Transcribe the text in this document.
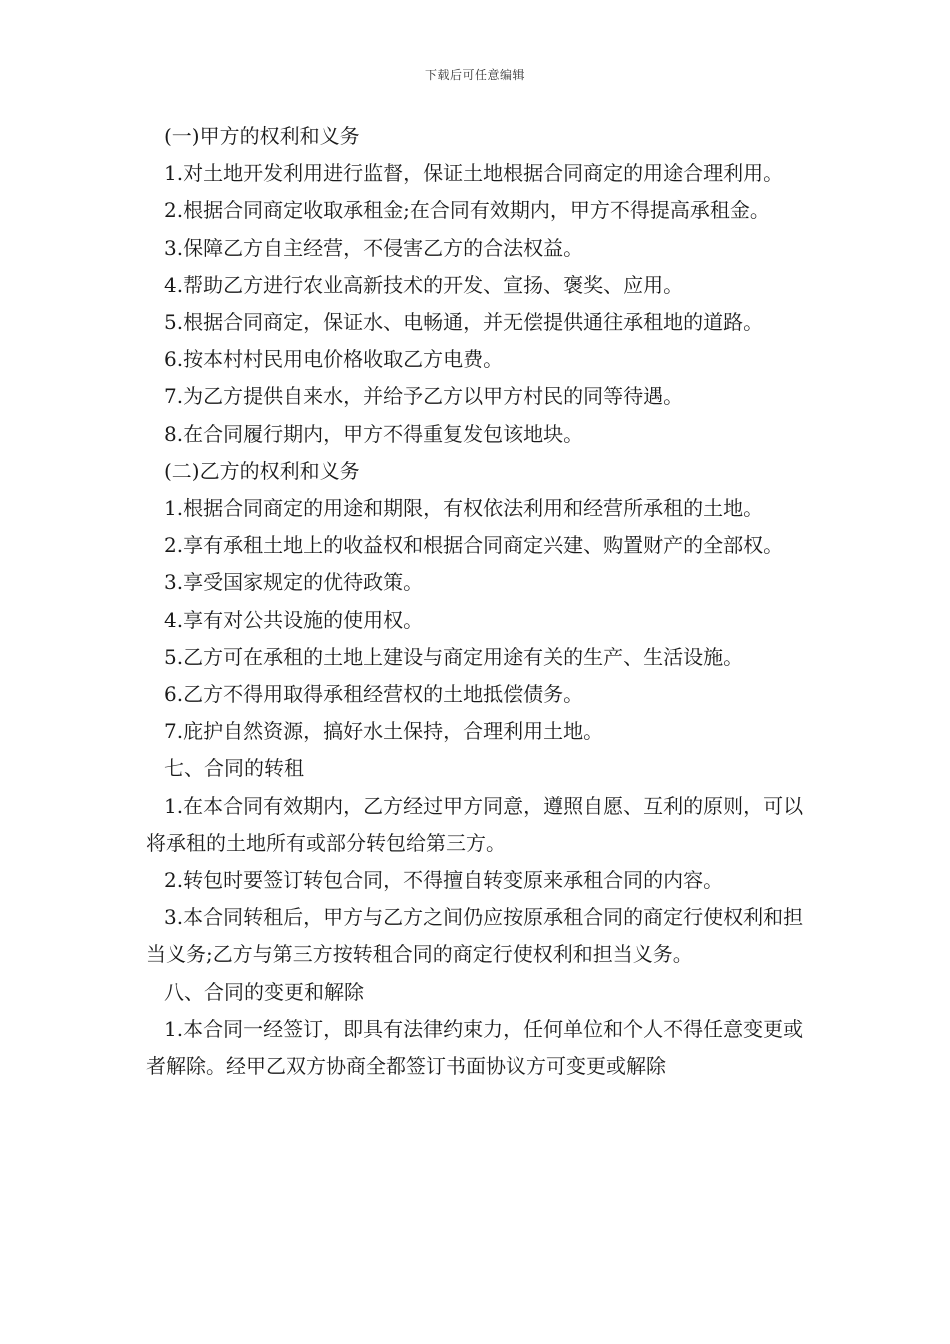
下载后可任意编辑

(一)甲方的权利和义务

1.对土地开发利用进行监督，保证土地根据合同商定的用途合理利用。

2.根据合同商定收取承租金;在合同有效期内，甲方不得提高承租金。

3.保障乙方自主经营，不侵害乙方的合法权益。

4.帮助乙方进行农业高新技术的开发、宣扬、褒奖、应用。

5.根据合同商定，保证水、电畅通，并无偿提供通往承租地的道路。

6.按本村村民用电价格收取乙方电费。

7.为乙方提供自来水，并给予乙方以甲方村民的同等待遇。

8.在合同履行期内，甲方不得重复发包该地块。

(二)乙方的权利和义务

1.根据合同商定的用途和期限，有权依法利用和经营所承租的土地。

2.享有承租土地上的收益权和根据合同商定兴建、购置财产的全部权。

3.享受国家规定的优待政策。

4.享有对公共设施的使用权。

5.乙方可在承租的土地上建设与商定用途有关的生产、生活设施。

6.乙方不得用取得承租经营权的土地抵偿债务。

7.庇护自然资源，搞好水土保持，合理利用土地。

七、合同的转租

1.在本合同有效期内，乙方经过甲方同意，遵照自愿、互利的原则，可以将承租的土地所有或部分转包给第三方。

2.转包时要签订转包合同，不得擅自转变原来承租合同的内容。

3.本合同转租后，甲方与乙方之间仍应按原承租合同的商定行使权利和担当义务;乙方与第三方按转租合同的商定行使权利和担当义务。

八、合同的变更和解除

1.本合同一经签订，即具有法律约束力，任何单位和个人不得任意变更或者解除。经甲乙双方协商全都签订书面协议方可变更或解除
